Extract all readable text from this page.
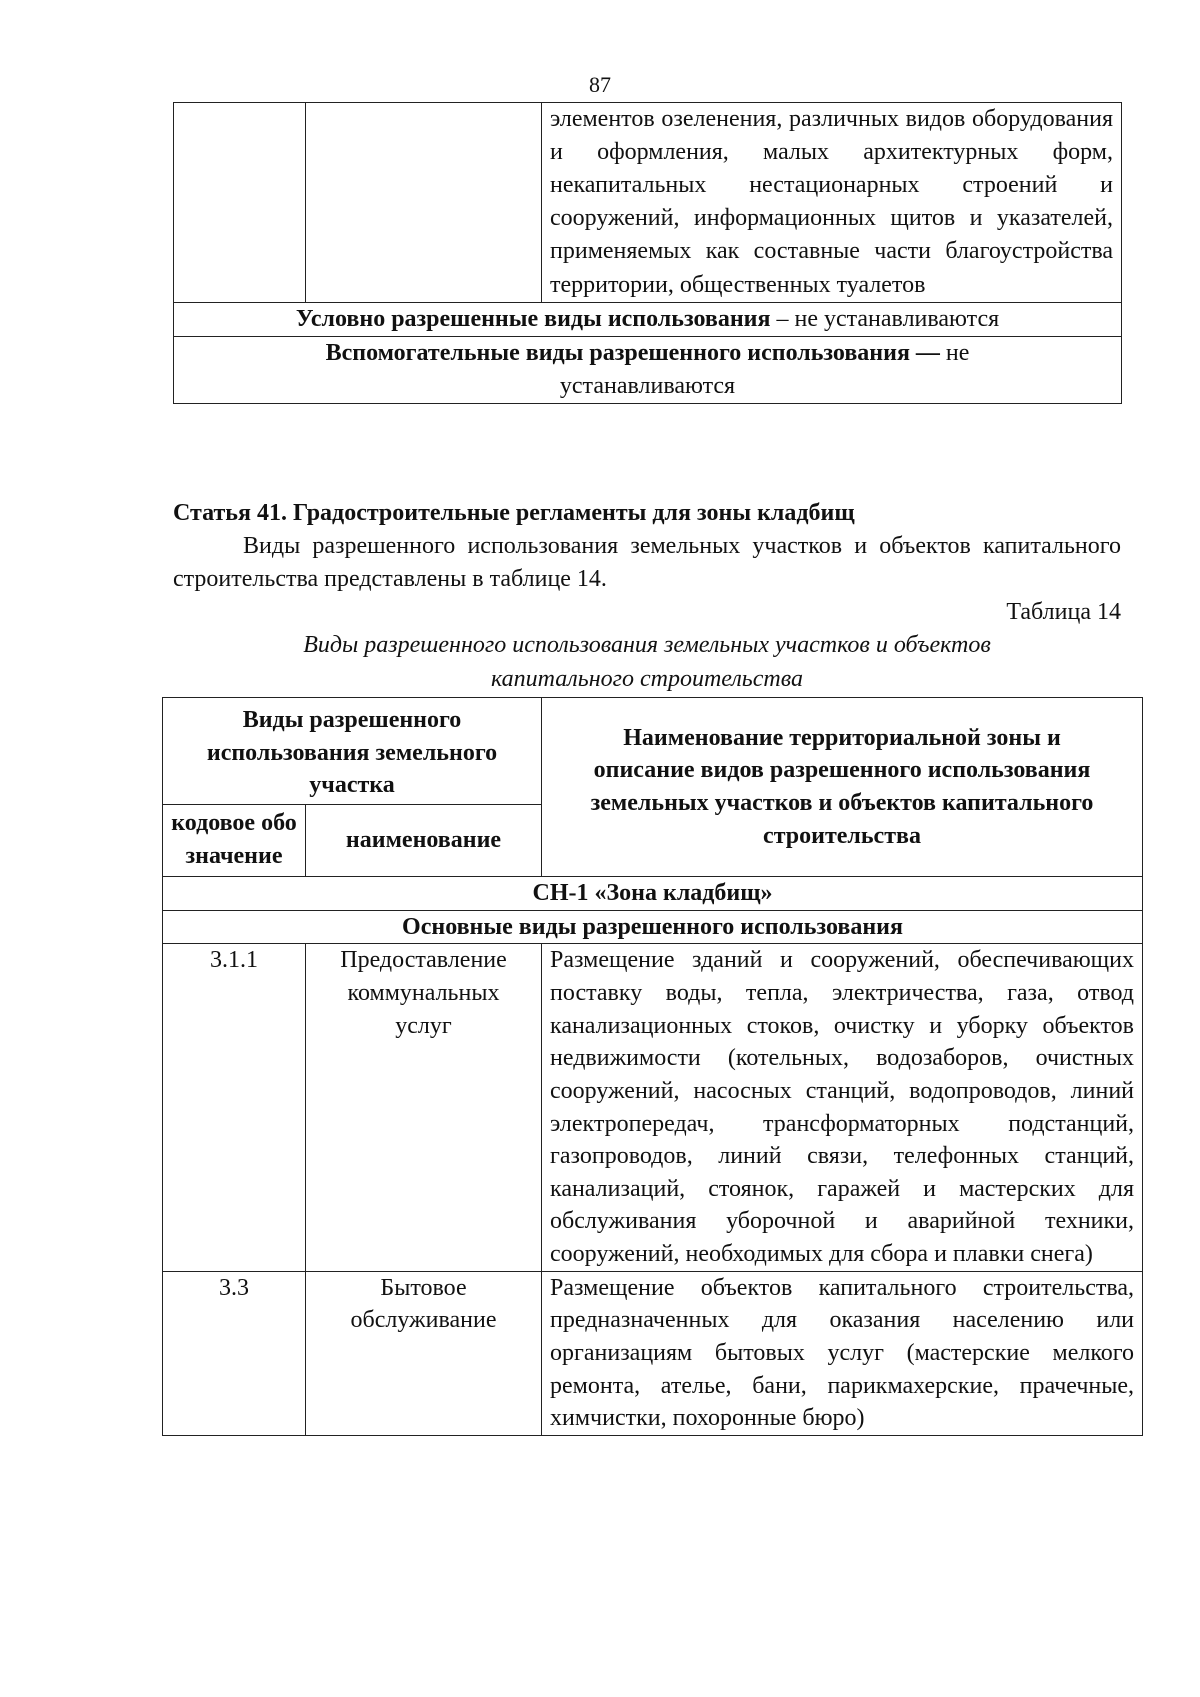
87
		элементов озеленения, различных видов оборудования и оформления, малых архитектурных форм, некапитальных нестационарных строений и сооружений, информационных щитов и указателей, применяемых как составные части благоустройства территории, общественных туалетов
Условно разрешенные виды использования – не устанавливаются
Вспомогательные виды разрешенного использования — не устанавливаются

Статья 41. Градостроительные регламенты для зоны кладбищ

Виды разрешенного использования земельных участков и объектов капитального строительства представлены в таблице 14.

Таблица 14

Виды разрешенного использования земельных участков и объектов капитального строительства

Виды разрешенного использования земельного участка		Наименование территориальной зоны и описание видов разрешенного использования земельных участков и объектов капитального строительства
кодовое обозначение	наименование	
СН-1 «Зона кладбищ»		
Основные виды разрешенного использования		
3.1.1	Предоставление коммунальных услуг	Размещение зданий и сооружений, обеспечивающих поставку воды, тепла, электричества, газа, отвод канализационных стоков, очистку и уборку объектов недвижимости (котельных, водозаборов, очистных сооружений, насосных станций, водопроводов, линий электропередач, трансформаторных подстанций, газопроводов, линий связи, телефонных станций, канализаций, стоянок, гаражей и мастерских для обслуживания уборочной и аварийной техники, сооружений, необходимых для сбора и плавки снега)
3.3	Бытовое обслуживание	Размещение объектов капитального строительства, предназначенных для оказания населению или организациям бытовых услуг (мастерские мелкого ремонта, ателье, бани, парикмахерские, прачечные, химчистки, похоронные бюро)
